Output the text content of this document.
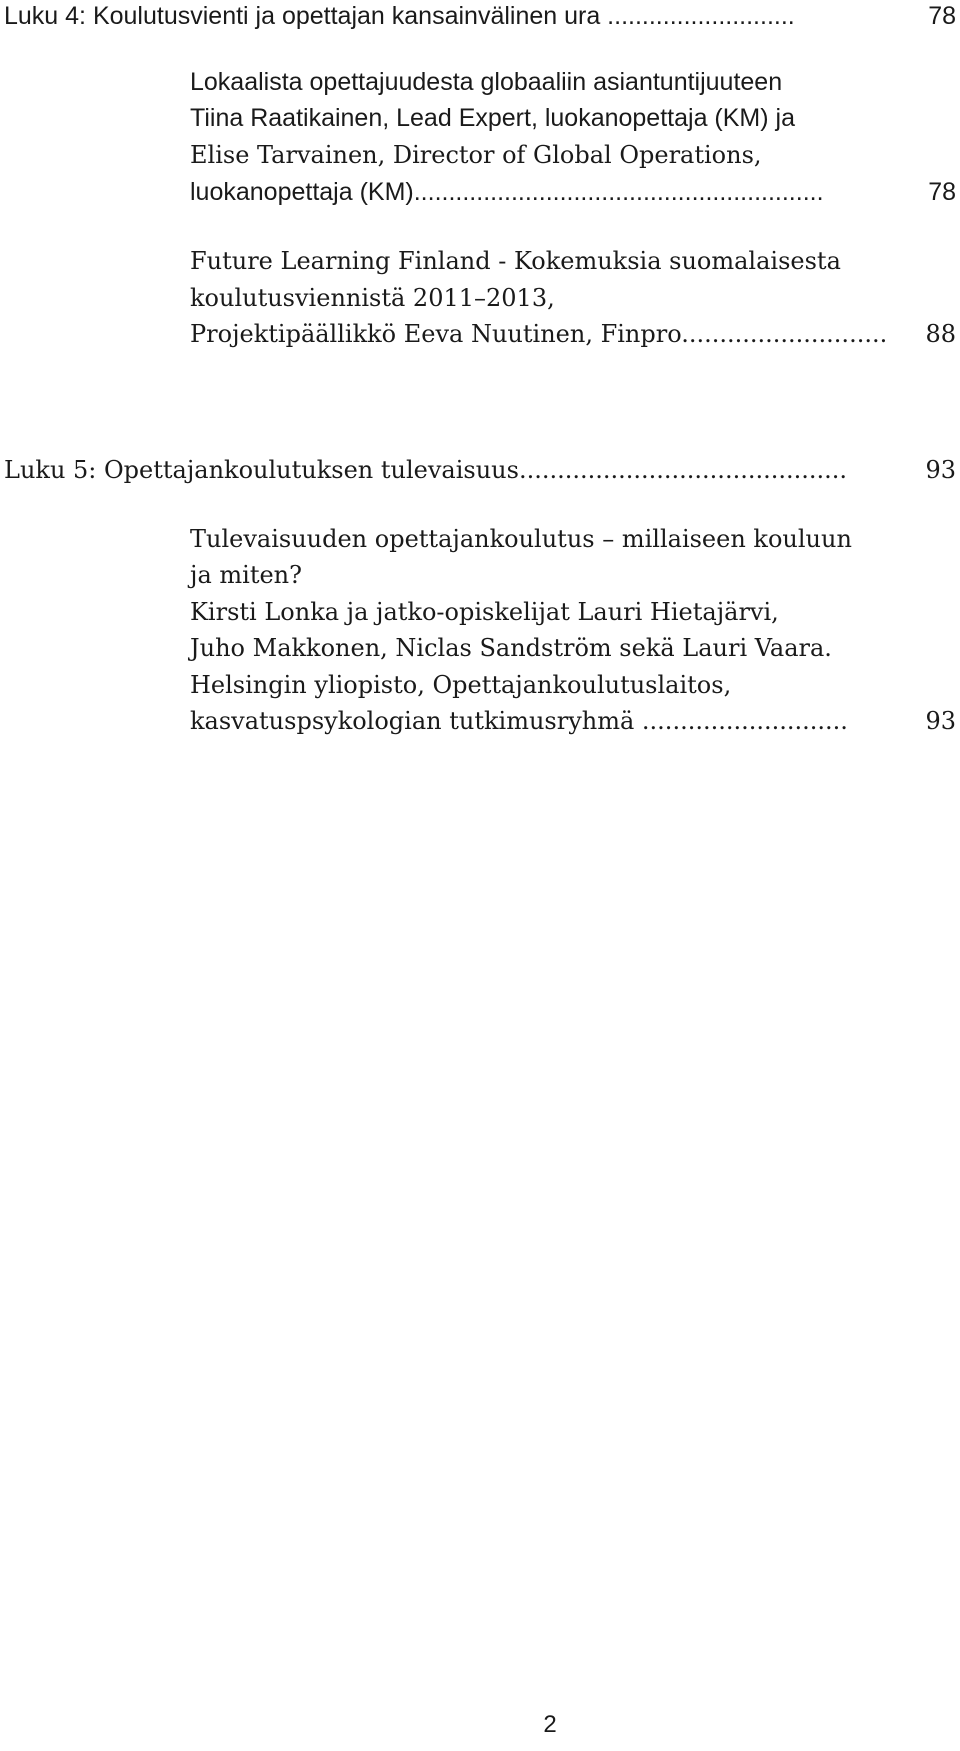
Luku 4: Koulutusvienti ja opettajan kansainvälinen ura ...........................	78
Lokaalista opettajuudesta globaaliin asiantuntijuuteen
Tiina Raatikainen, Lead Expert, luokanopettaja (KM) ja
Elise Tarvainen, Director of Global Operations,
luokanopettaja (KM)...........................................................	78
Future Learning Finland - Kokemuksia suomalaisesta
koulutusviennistä 2011–2013,
Projektipäällikkö Eeva Nuutinen, Finpro...........................	88
Luku 5: Opettajankoulutuksen tulevaisuus...........................................	93
Tulevaisuuden opettajankoulutus – millaiseen kouluun
ja miten?
Kirsti Lonka ja jatko-opiskelijat Lauri Hietajärvi,
Juho Makkonen, Niclas Sandström sekä Lauri Vaara.
Helsingin yliopisto, Opettajankoulutuslaitos,
kasvatuspsykologian tutkimusryhmä ...........................	93
2
